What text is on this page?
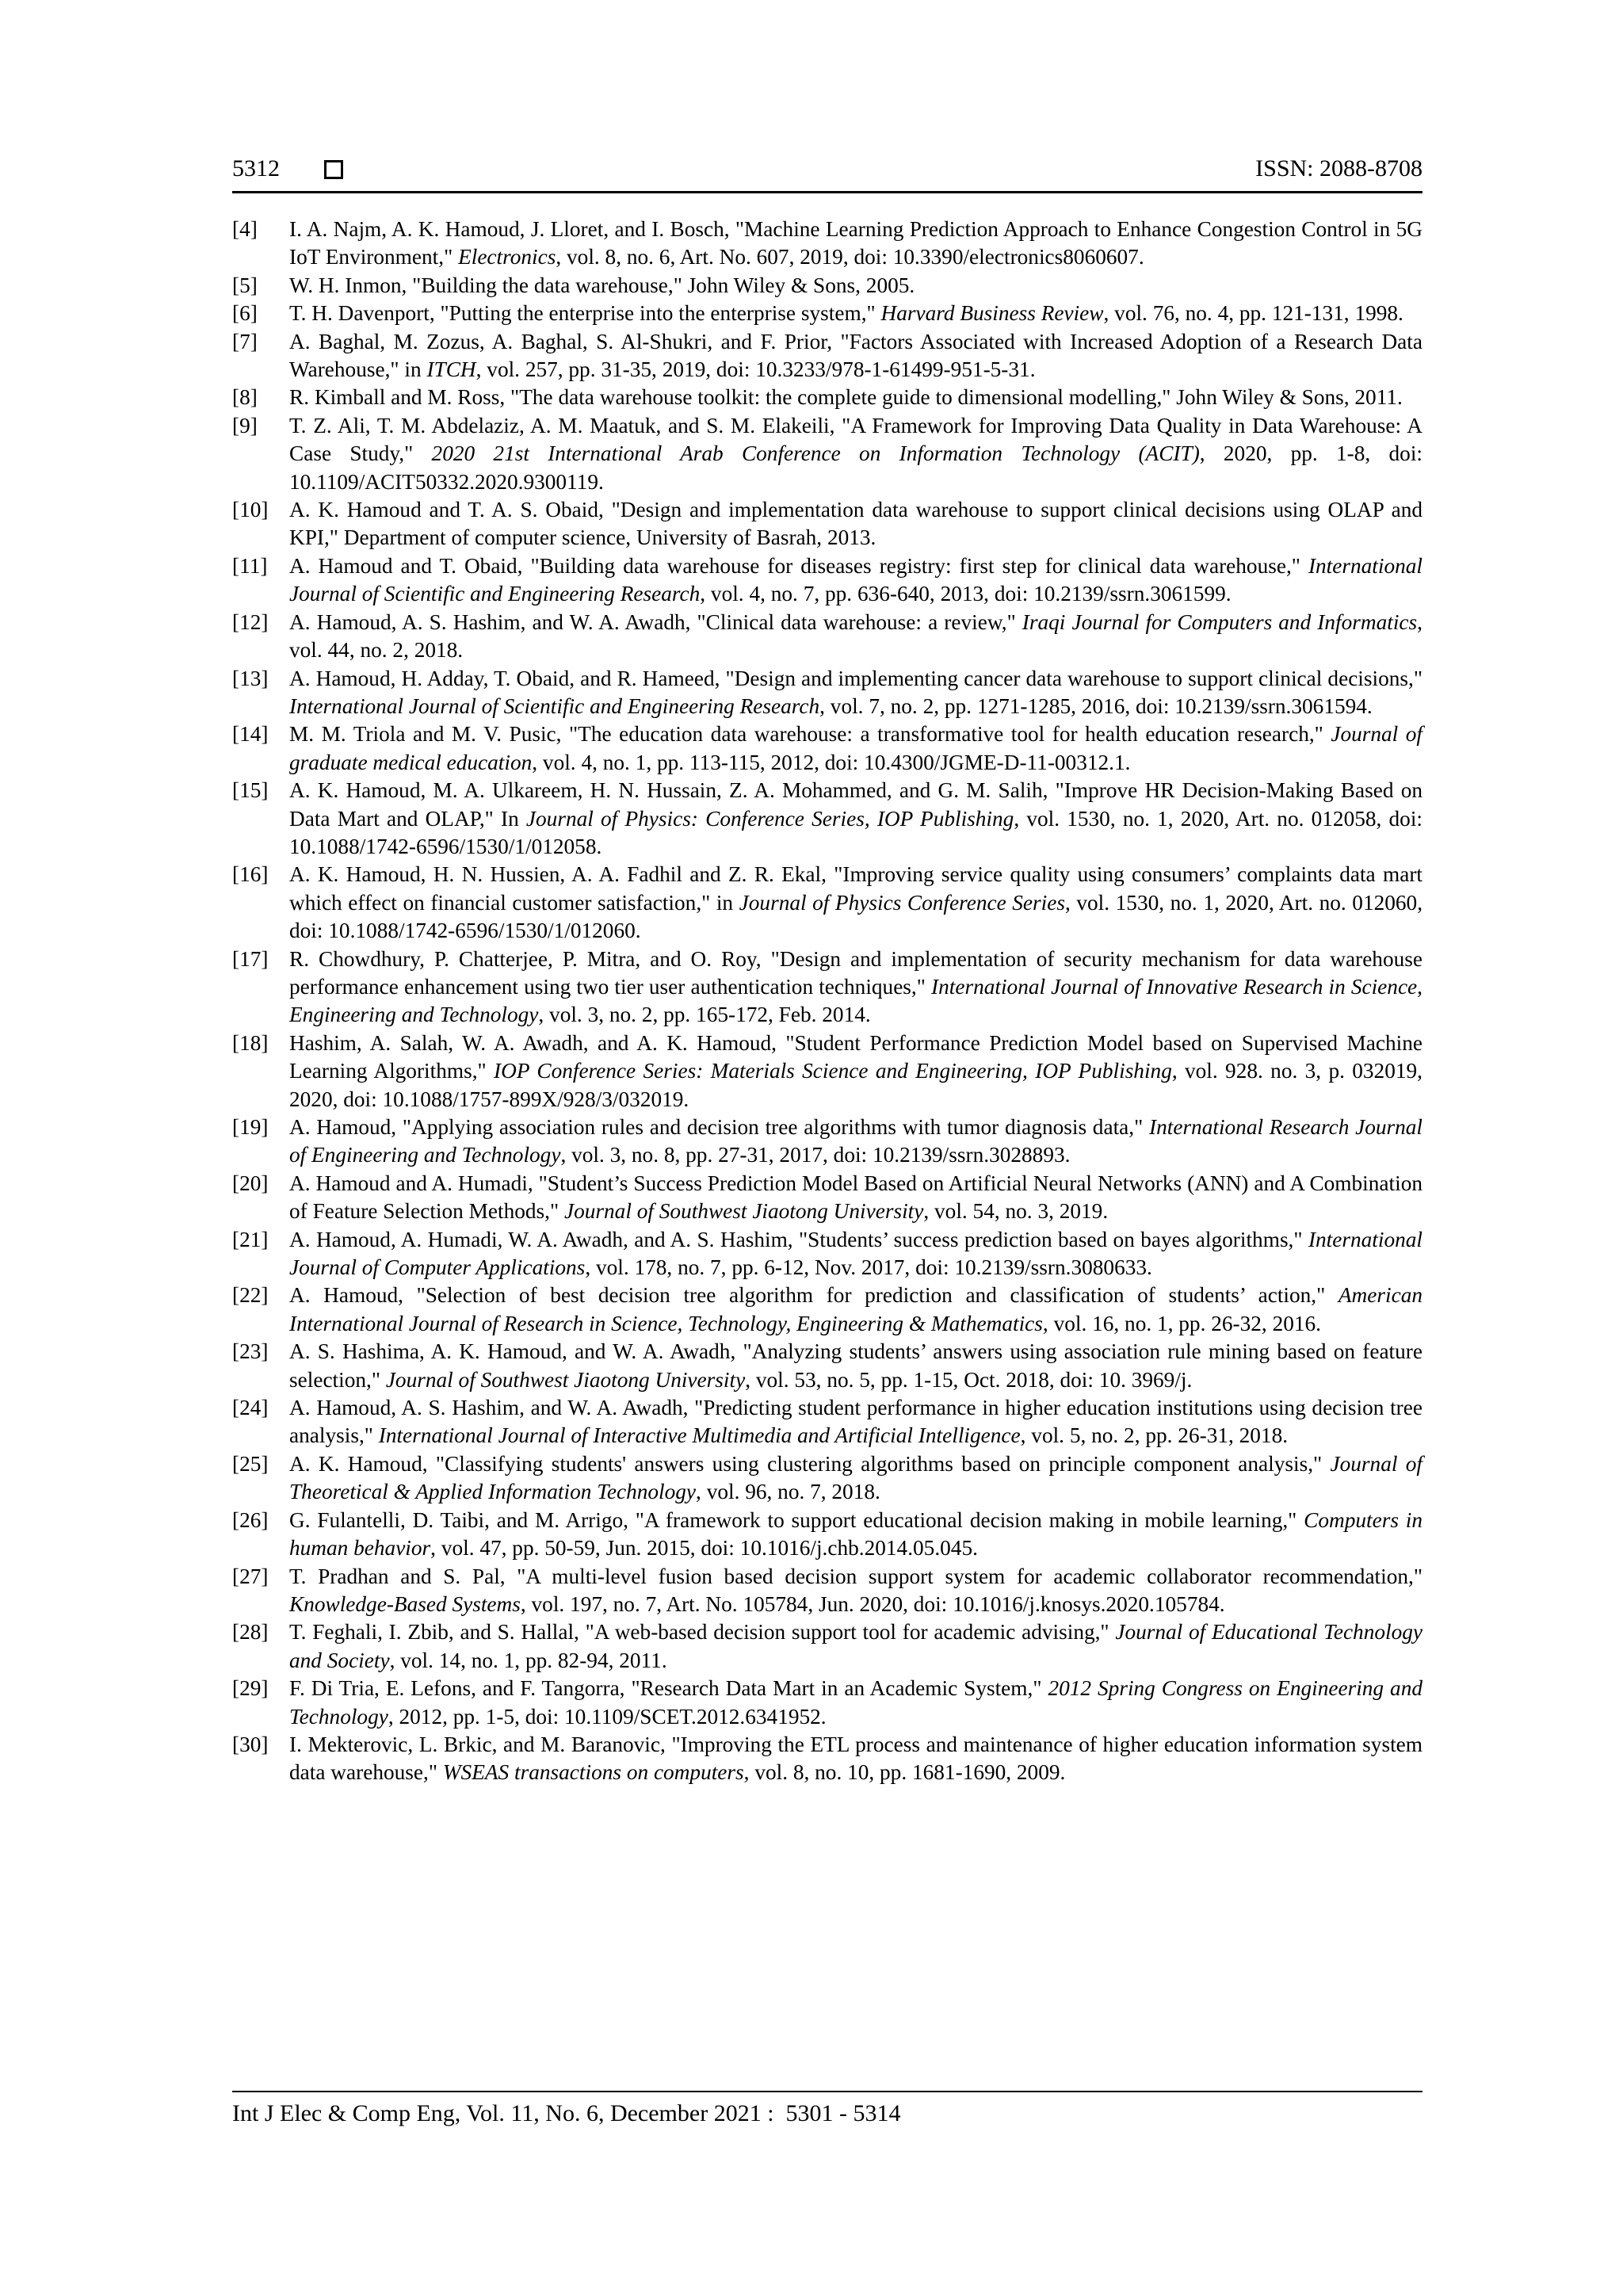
5312	ISSN: 2088-8708
[4] I. A. Najm, A. K. Hamoud, J. Lloret, and I. Bosch, "Machine Learning Prediction Approach to Enhance Congestion Control in 5G IoT Environment," Electronics, vol. 8, no. 6, Art. No. 607, 2019, doi: 10.3390/electronics8060607.
[5] W. H. Inmon, "Building the data warehouse," John Wiley & Sons, 2005.
[6] T. H. Davenport, "Putting the enterprise into the enterprise system," Harvard Business Review, vol. 76, no. 4, pp. 121-131, 1998.
[7] A. Baghal, M. Zozus, A. Baghal, S. Al-Shukri, and F. Prior, "Factors Associated with Increased Adoption of a Research Data Warehouse," in ITCH, vol. 257, pp. 31-35, 2019, doi: 10.3233/978-1-61499-951-5-31.
[8] R. Kimball and M. Ross, "The data warehouse toolkit: the complete guide to dimensional modelling," John Wiley & Sons, 2011.
[9] T. Z. Ali, T. M. Abdelaziz, A. M. Maatuk, and S. M. Elakeili, "A Framework for Improving Data Quality in Data Warehouse: A Case Study," 2020 21st International Arab Conference on Information Technology (ACIT), 2020, pp. 1-8, doi: 10.1109/ACIT50332.2020.9300119.
[10] A. K. Hamoud and T. A. S. Obaid, "Design and implementation data warehouse to support clinical decisions using OLAP and KPI," Department of computer science, University of Basrah, 2013.
[11] A. Hamoud and T. Obaid, "Building data warehouse for diseases registry: first step for clinical data warehouse," International Journal of Scientific and Engineering Research, vol. 4, no. 7, pp. 636-640, 2013, doi: 10.2139/ssrn.3061599.
[12] A. Hamoud, A. S. Hashim, and W. A. Awadh, "Clinical data warehouse: a review," Iraqi Journal for Computers and Informatics, vol. 44, no. 2, 2018.
[13] A. Hamoud, H. Adday, T. Obaid, and R. Hameed, "Design and implementing cancer data warehouse to support clinical decisions," International Journal of Scientific and Engineering Research, vol. 7, no. 2, pp. 1271-1285, 2016, doi: 10.2139/ssrn.3061594.
[14] M. M. Triola and M. V. Pusic, "The education data warehouse: a transformative tool for health education research," Journal of graduate medical education, vol. 4, no. 1, pp. 113-115, 2012, doi: 10.4300/JGME-D-11-00312.1.
[15] A. K. Hamoud, M. A. Ulkareem, H. N. Hussain, Z. A. Mohammed, and G. M. Salih, "Improve HR Decision-Making Based on Data Mart and OLAP," In Journal of Physics: Conference Series, IOP Publishing, vol. 1530, no. 1, 2020, Art. no. 012058, doi: 10.1088/1742-6596/1530/1/012058.
[16] A. K. Hamoud, H. N. Hussien, A. A. Fadhil and Z. R. Ekal, "Improving service quality using consumers’ complaints data mart which effect on financial customer satisfaction," in Journal of Physics Conference Series, vol. 1530, no. 1, 2020, Art. no. 012060, doi: 10.1088/1742-6596/1530/1/012060.
[17] R. Chowdhury, P. Chatterjee, P. Mitra, and O. Roy, "Design and implementation of security mechanism for data warehouse performance enhancement using two tier user authentication techniques," International Journal of Innovative Research in Science, Engineering and Technology, vol. 3, no. 2, pp. 165-172, Feb. 2014.
[18] Hashim, A. Salah, W. A. Awadh, and A. K. Hamoud, "Student Performance Prediction Model based on Supervised Machine Learning Algorithms," IOP Conference Series: Materials Science and Engineering, IOP Publishing, vol. 928. no. 3, p. 032019, 2020, doi: 10.1088/1757-899X/928/3/032019.
[19] A. Hamoud, "Applying association rules and decision tree algorithms with tumor diagnosis data," International Research Journal of Engineering and Technology, vol. 3, no. 8, pp. 27-31, 2017, doi: 10.2139/ssrn.3028893.
[20] A. Hamoud and A. Humadi, "Student’s Success Prediction Model Based on Artificial Neural Networks (ANN) and A Combination of Feature Selection Methods," Journal of Southwest Jiaotong University, vol. 54, no. 3, 2019.
[21] A. Hamoud, A. Humadi, W. A. Awadh, and A. S. Hashim, "Students’ success prediction based on bayes algorithms," International Journal of Computer Applications, vol. 178, no. 7, pp. 6-12, Nov. 2017, doi: 10.2139/ssrn.3080633.
[22] A. Hamoud, "Selection of best decision tree algorithm for prediction and classification of students’ action," American International Journal of Research in Science, Technology, Engineering & Mathematics, vol. 16, no. 1, pp. 26-32, 2016.
[23] A. S. Hashima, A. K. Hamoud, and W. A. Awadh, "Analyzing students’ answers using association rule mining based on feature selection," Journal of Southwest Jiaotong University, vol. 53, no. 5, pp. 1-15, Oct. 2018, doi: 10. 3969/j.
[24] A. Hamoud, A. S. Hashim, and W. A. Awadh, "Predicting student performance in higher education institutions using decision tree analysis," International Journal of Interactive Multimedia and Artificial Intelligence, vol. 5, no. 2, pp. 26-31, 2018.
[25] A. K. Hamoud, "Classifying students' answers using clustering algorithms based on principle component analysis," Journal of Theoretical & Applied Information Technology, vol. 96, no. 7, 2018.
[26] G. Fulantelli, D. Taibi, and M. Arrigo, "A framework to support educational decision making in mobile learning," Computers in human behavior, vol. 47, pp. 50-59, Jun. 2015, doi: 10.1016/j.chb.2014.05.045.
[27] T. Pradhan and S. Pal, "A multi-level fusion based decision support system for academic collaborator recommendation," Knowledge-Based Systems, vol. 197, no. 7, Art. No. 105784, Jun. 2020, doi: 10.1016/j.knosys.2020.105784.
[28] T. Feghali, I. Zbib, and S. Hallal, "A web-based decision support tool for academic advising," Journal of Educational Technology and Society, vol. 14, no. 1, pp. 82-94, 2011.
[29] F. Di Tria, E. Lefons, and F. Tangorra, "Research Data Mart in an Academic System," 2012 Spring Congress on Engineering and Technology, 2012, pp. 1-5, doi: 10.1109/SCET.2012.6341952.
[30] I. Mekterovic, L. Brkic, and M. Baranovic, "Improving the ETL process and maintenance of higher education information system data warehouse," WSEAS transactions on computers, vol. 8, no. 10, pp. 1681-1690, 2009.
Int J Elec & Comp Eng, Vol. 11, No. 6, December 2021 :  5301 - 5314
